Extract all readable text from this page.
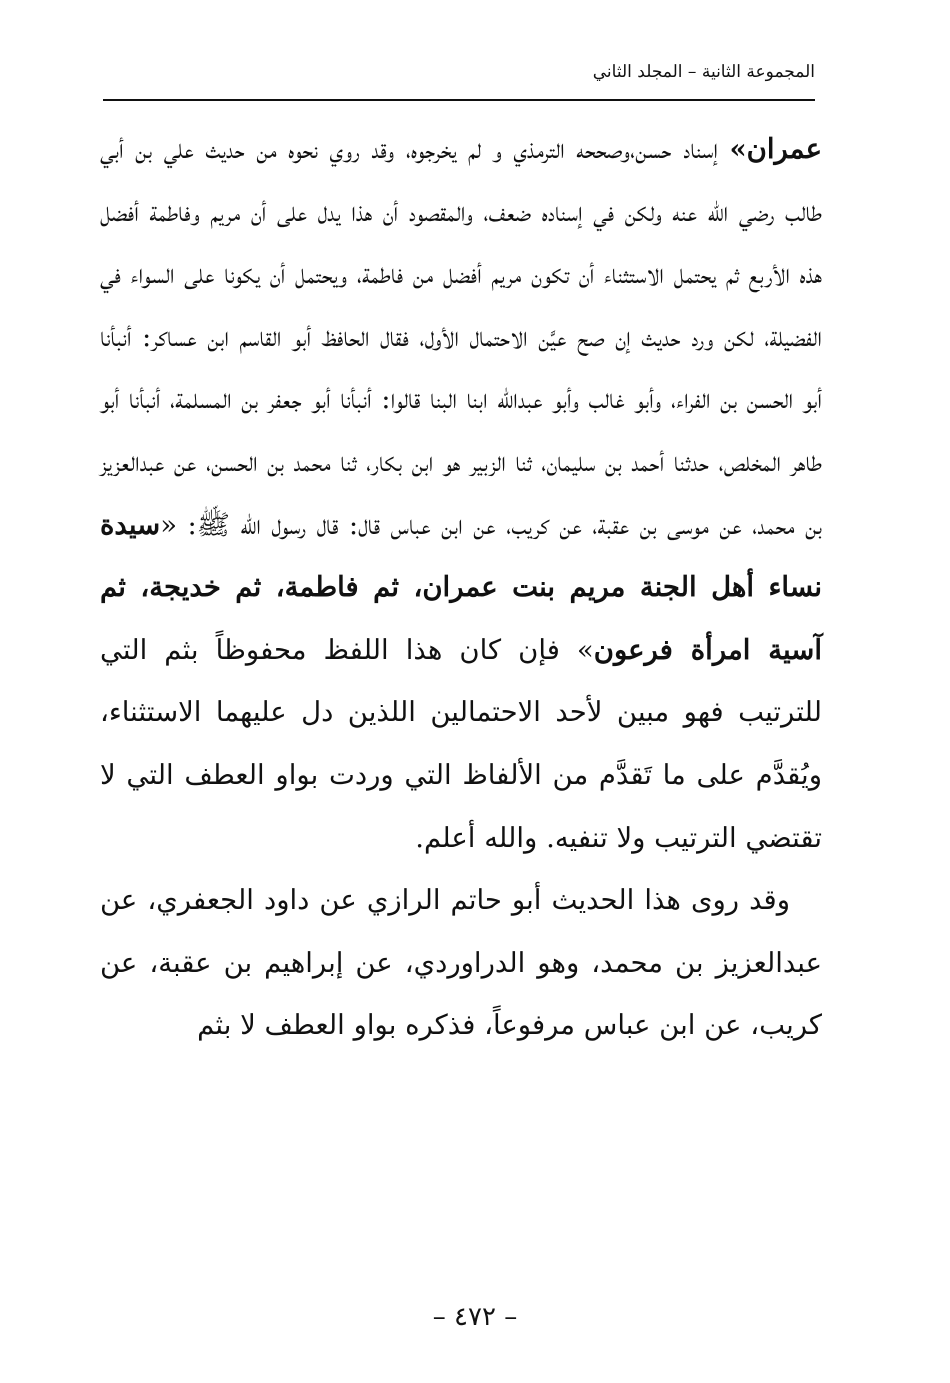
المجموعة الثانية – المجلد الثاني

عمران» إسناد حسن،وصححه الترمذي و لم يخرجوه، وقد روي نحوه من حديث علي بن أبي طالب رضي الله عنه ولكن في إسناده ضعف، والمقصود أن هذا يدل على أن مريم وفاطمة أفضل هذه الأربع ثم يحتمل الاستثناء أن تكون مريم أفضل من فاطمة، ويحتمل أن يكونا على السواء في الفضيلة، لكن ورد حديث إن صح عيَّن الاحتمال الأول، فقال الحافظ أبو القاسم ابن عساكر: أنبأنا أبو الحسن بن الفراء، وأبو غالب وأبو عبدالله ابنا البنا قالوا: أنبأنا أبو جعفر بن المسلمة، أنبأنا أبو طاهر المخلص، حدثنا أحمد بن سليمان، ثنا الزبير هو ابن بكار، ثنا محمد بن الحسن، عن عبدالعزيز بن محمد، عن موسى بن عقبة، عن كريب، عن ابن عباس قال: قال رسول الله ﷺ: «سيدة نساء أهل الجنة مريم بنت عمران، ثم فاطمة، ثم خديجة، ثم آسية امرأة فرعون» فإن كان هذا اللفظ محفوظاً بثم التي للترتيب فهو مبين لأحد الاحتمالين اللذين دل عليهما الاستثناء، ويُقدَّم على ما تَقدَّم من الألفاظ التي وردت بواو العطف التي لا تقتضي الترتيب ولا تنفيه. والله أعلم.

وقد روى هذا الحديث أبو حاتم الرازي عن داود الجعفري، عن عبدالعزيز بن محمد، وهو الدراوردي، عن إبراهيم بن عقبة، عن كريب، عن ابن عباس مرفوعاً، فذكره بواو العطف لا بثم

– ٤٧٢ –
